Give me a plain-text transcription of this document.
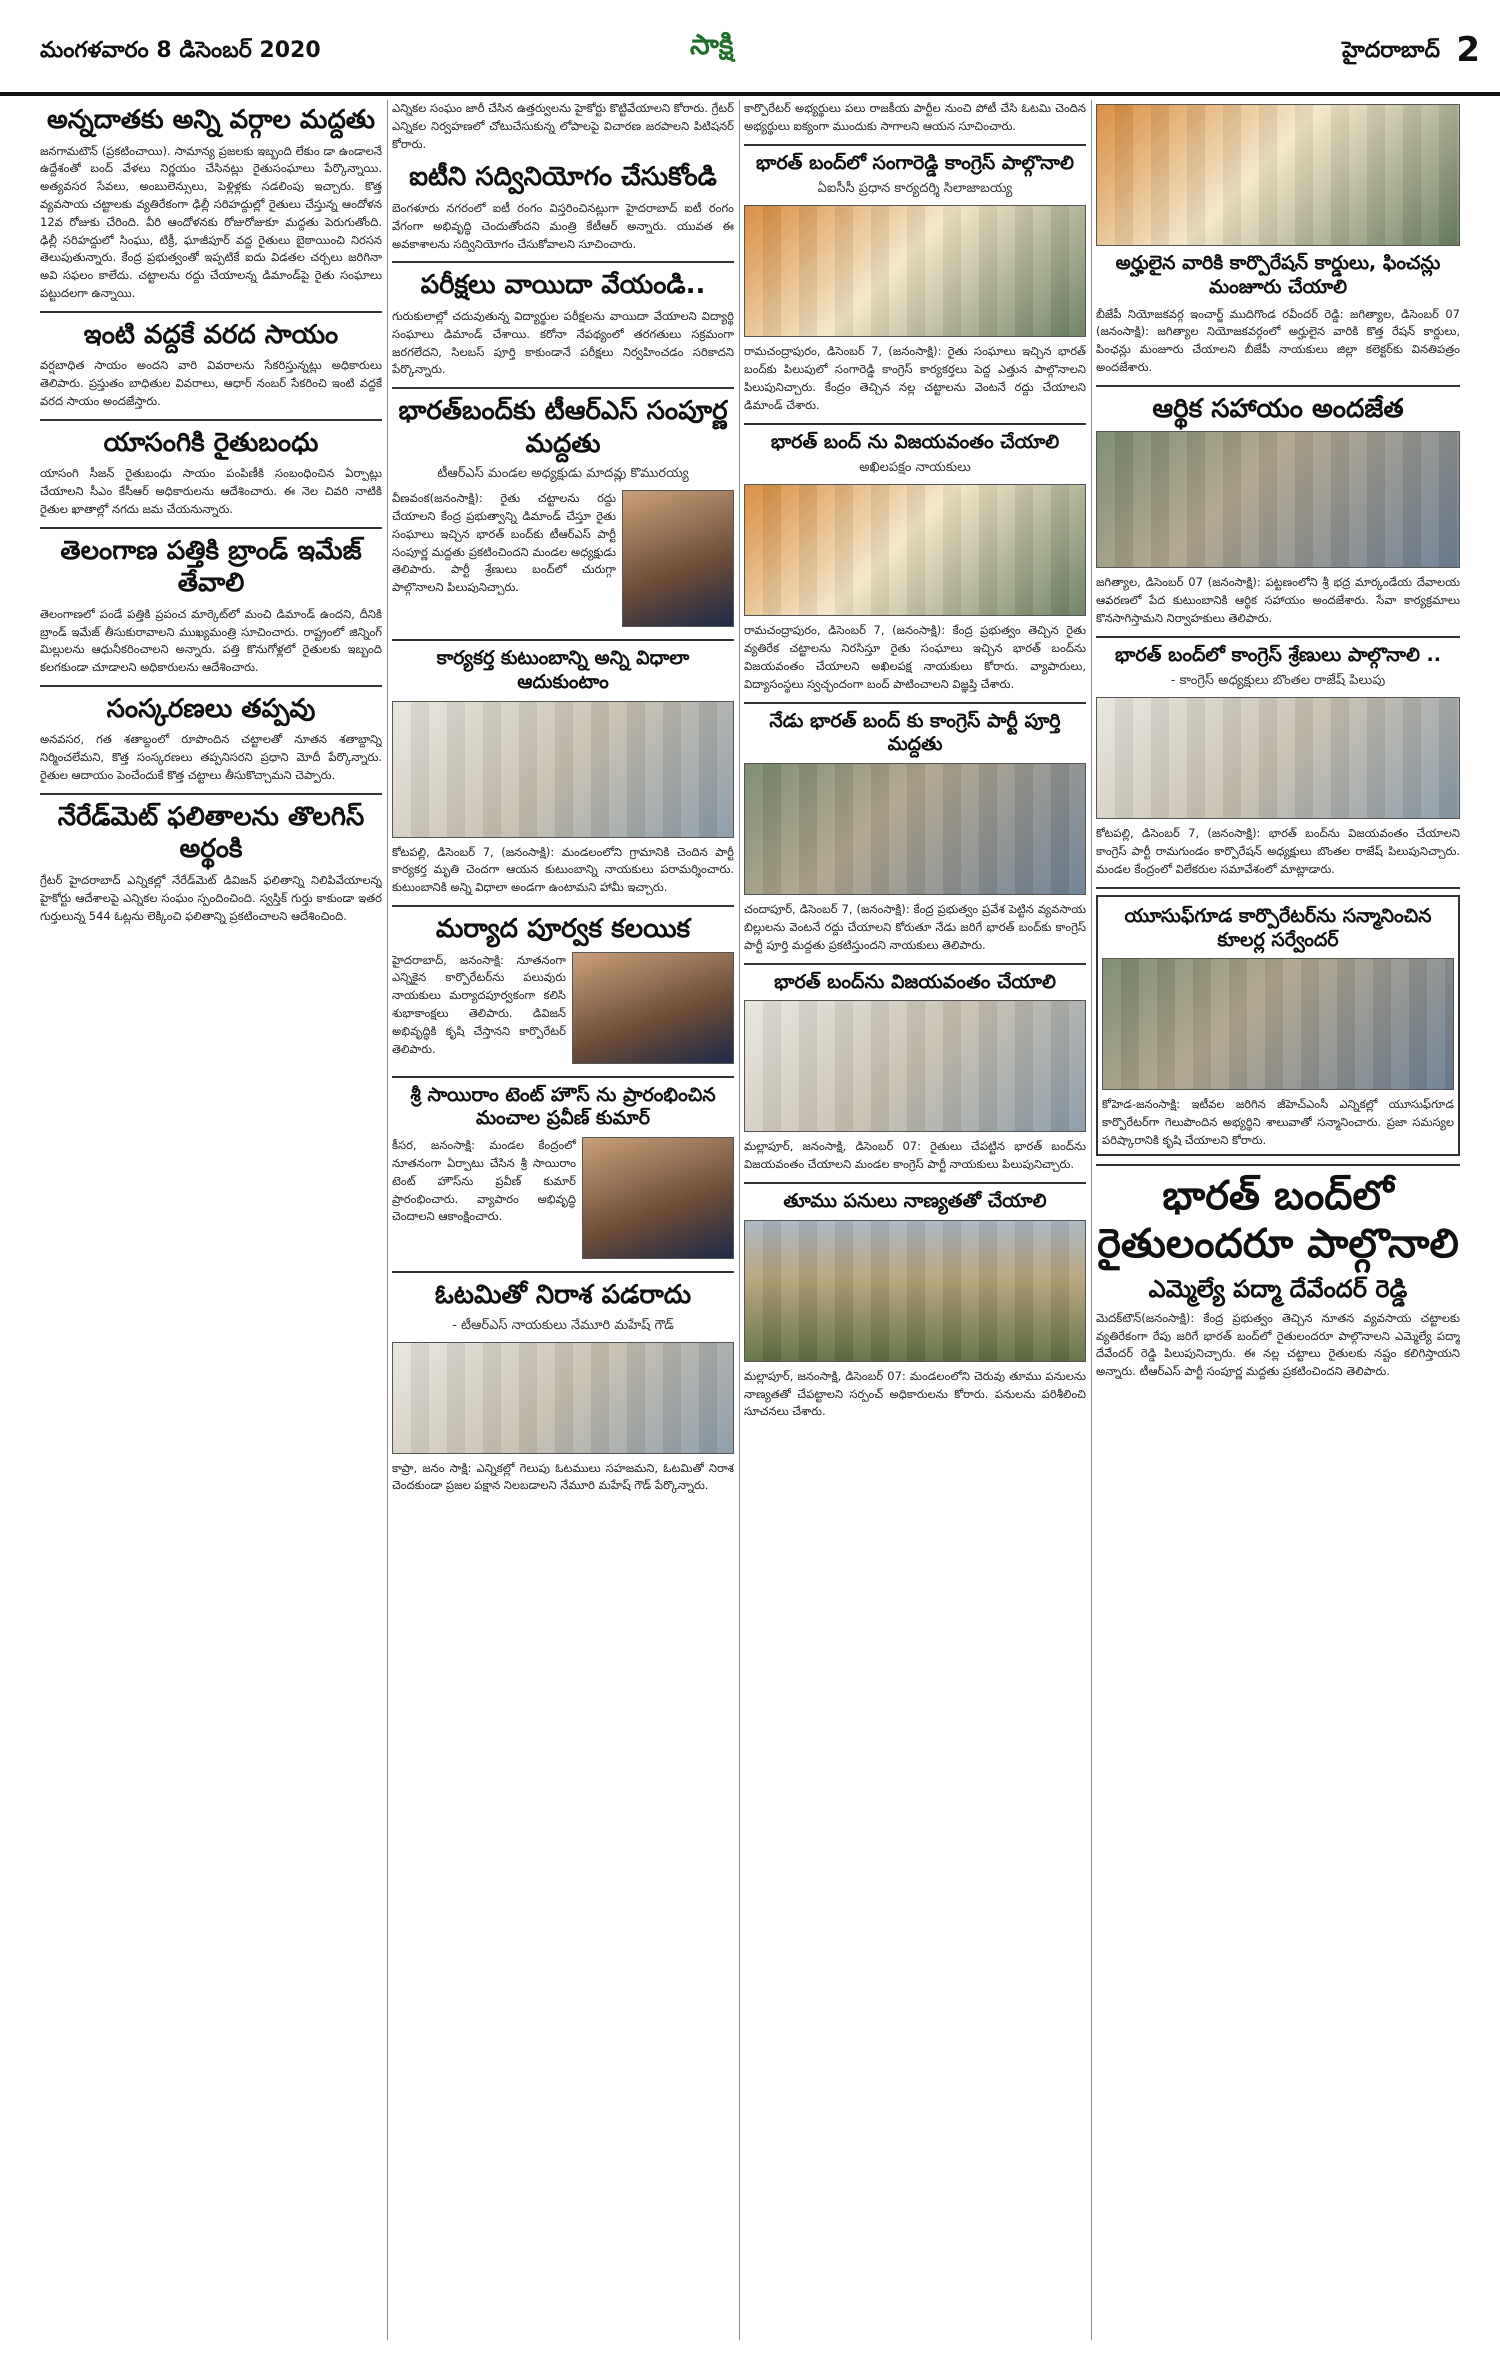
మంగళవారం 8 డిసెంబర్ 2020	సాక్షి	హైదరాబాద్ 2
అన్నదాతకు అన్ని వర్గాల మద్దతు
జనగామటౌన్ (ప్రకటించాయి). సామాన్య ప్రజలకు ఇబ్బంది లేకుం డా ఉండాలనే ఉద్దేశంతో బంద్ వేళలు నిర్ణయం చేసినట్లు రైతుసంఘాలు పేర్కొన్నాయి. అత్యవసర సేవలు, అంబులెన్సులు, పెళ్లిళ్లకు సడలింపు ఇచ్చారు. కొత్త వ్యవసాయ చట్టాలకు వ్యతిరేకంగా ఢిల్లీ సరిహద్దుల్లో రైతులు చేస్తున్న ఆందోళన 12వ రోజుకు చేరింది. వీరి ఆందోళనకు రోజురోజుకూ మద్దతు పెరుగుతోంది. ఢిల్లీ సరిహద్దులో సింఘు, టిక్రీ, ఘాజీపూర్ వద్ద రైతులు బైఠాయించి నిరసన తెలుపుతున్నారు. కేంద్ర ప్రభుత్వంతో ఇప్పటికే ఐదు విడతల చర్చలు జరిగినా అవి సఫలం కాలేదు. చట్టాలను రద్దు చేయాలన్న డిమాండ్‌పై రైతు సంఘాలు పట్టుదలగా ఉన్నాయి.
ఇంటి వద్దకే వరద సాయం
వర్షబాధిత సాయం అందని వారి వివరాలను సేకరిస్తున్నట్లు అధికారులు తెలిపారు. ప్రస్తుతం బాధితుల వివరాలు, ఆధార్ నంబర్ సేకరించి ఇంటి వద్దకే వరద సాయం అందజేస్తారు.
యాసంగికి రైతుబంధు
యాసంగి సీజన్ రైతుబంధు సాయం పంపిణీకి సంబంధించిన ఏర్పాట్లు చేయాలని సీఎం కేసీఆర్ అధికారులను ఆదేశించారు. ఈ నెల చివరి నాటికి రైతుల ఖాతాల్లో నగదు జమ చేయనున్నారు.
తెలంగాణ పత్తికి బ్రాండ్ ఇమేజ్ తేవాలి
తెలంగాణలో పండే పత్తికి ప్రపంచ మార్కెట్‌లో మంచి డిమాండ్ ఉందని, దీనికి బ్రాండ్ ఇమేజ్ తీసుకురావాలని ముఖ్యమంత్రి సూచించారు. రాష్ట్రంలో జిన్నింగ్ మిల్లులను ఆధునీకరించాలని అన్నారు. పత్తి కొనుగోళ్లలో రైతులకు ఇబ్బంది కలగకుండా చూడాలని అధికారులను ఆదేశించారు.
సంస్కరణలు తప్పవు
అనవసర, గత శతాబ్దంలో రూపొందిన చట్టాలతో నూతన శతాబ్దాన్ని నిర్మించలేమని, కొత్త సంస్కరణలు తప్పనిసరని ప్రధాని మోదీ పేర్కొన్నారు. రైతుల ఆదాయం పెంచేందుకే కొత్త చట్టాలు తీసుకొచ్చామని చెప్పారు.
నేరేడ్‌మెట్ ఫలితాలను తొలగిస్ అర్థంకి
గ్రేటర్ హైదరాబాద్ ఎన్నికల్లో నేరేడ్‌మెట్ డివిజన్ ఫలితాన్ని నిలిపివేయాలన్న హైకోర్టు ఆదేశాలపై ఎన్నికల సంఘం స్పందించింది. స్వస్తిక్ గుర్తు కాకుండా ఇతర గుర్తులున్న 544 ఓట్లను లెక్కించి ఫలితాన్ని ప్రకటించాలని ఆదేశించింది.
ఎన్నికల సంఘం జారీ చేసిన ఉత్తర్వులను హైకోర్టు కొట్టివేయాలని కోరారు. గ్రేటర్ ఎన్నికల నిర్వహణలో చోటుచేసుకున్న లోపాలపై విచారణ జరపాలని పిటిషనర్ కోరారు.
ఐటీని సద్వినియోగం చేసుకోండి
బెంగళూరు నగరంలో ఐటీ రంగం విస్తరించినట్లుగా హైదరాబాద్ ఐటీ రంగం వేగంగా అభివృద్ధి చెందుతోందని మంత్రి కేటీఆర్ అన్నారు. యువత ఈ అవకాశాలను సద్వినియోగం చేసుకోవాలని సూచించారు.
పరీక్షలు వాయిదా వేయండి..
గురుకులాల్లో చదువుతున్న విద్యార్థుల పరీక్షలను వాయిదా వేయాలని విద్యార్థి సంఘాలు డిమాండ్ చేశాయి. కరోనా నేపథ్యంలో తరగతులు సక్రమంగా జరగలేదని, సిలబస్ పూర్తి కాకుండానే పరీక్షలు నిర్వహించడం సరికాదని పేర్కొన్నారు.
భారత్‌బంద్‌కు టీఆర్ఎస్ సంపూర్ణ మద్దతు
టీఆర్ఎస్ మండల అధ్యక్షుడు మాదవ్లు కొమురయ్య
వీణవంక(జనంసాక్షి): రైతు చట్టాలను రద్దు చేయాలని కేంద్ర ప్రభుత్వాన్ని డిమాండ్ చేస్తూ రైతు సంఘాలు ఇచ్చిన భారత్ బంద్‌కు టీఆర్ఎస్ పార్టీ సంపూర్ణ మద్దతు ప్రకటించిందని మండల అధ్యక్షుడు తెలిపారు. పార్టీ శ్రేణులు బంద్‌లో చురుగ్గా పాల్గొనాలని పిలుపునిచ్చారు.
కార్యకర్త కుటుంబాన్ని అన్ని విధాలా ఆదుకుంటాం
కోటపల్లి, డిసెంబర్ 7, (జనంసాక్షి): మండలంలోని గ్రామానికి చెందిన పార్టీ కార్యకర్త మృతి చెందగా ఆయన కుటుంబాన్ని నాయకులు పరామర్శించారు. కుటుంబానికి అన్ని విధాలా అండగా ఉంటామని హామీ ఇచ్చారు.
మర్యాద పూర్వక కలయిక
హైదరాబాద్, జనంసాక్షి: నూతనంగా ఎన్నికైన కార్పొరేటర్‌ను పలువురు నాయకులు మర్యాదపూర్వకంగా కలిసి శుభాకాంక్షలు తెలిపారు. డివిజన్ అభివృద్ధికి కృషి చేస్తానని కార్పొరేటర్ తెలిపారు.
శ్రీ సాయిరాం టెంట్ హౌస్ ను ప్రారంభించిన మంచాల ప్రవీణ్ కుమార్
కీసర, జనంసాక్షి: మండల కేంద్రంలో నూతనంగా ఏర్పాటు చేసిన శ్రీ సాయిరాం టెంట్ హౌస్‌ను ప్రవీణ్ కుమార్ ప్రారంభించారు. వ్యాపారం అభివృద్ధి చెందాలని ఆకాంక్షించారు.
ఓటమితో నిరాశ పడరాదు
- టీఆర్ఎస్ నాయకులు నేమూరి మహేష్ గౌడ్
కాప్రా, జనం సాక్షి: ఎన్నికల్లో గెలుపు ఓటములు సహజమని, ఓటమితో నిరాశ చెందకుండా ప్రజల పక్షాన నిలబడాలని నేమూరి మహేష్ గౌడ్ పేర్కొన్నారు.
కార్పొరేటర్ అభ్యర్థులు పలు రాజకీయ పార్టీల నుంచి పోటీ చేసి ఓటమి చెందిన అభ్యర్థులు ఐక్యంగా ముందుకు సాగాలని ఆయన సూచించారు.
భారత్ బంద్‌లో సంగారెడ్డి కాంగ్రెస్ పాల్గొనాలి
ఏఐసీసీ ప్రధాన కార్యదర్శి సిలాజాబయ్య
రామచంద్రాపురం, డిసెంబర్ 7, (జనంసాక్షి): రైతు సంఘాలు ఇచ్చిన భారత్ బంద్‌కు పిలుపులో సంగారెడ్డి కాంగ్రెస్ కార్యకర్తలు పెద్ద ఎత్తున పాల్గొనాలని పిలుపునిచ్చారు. కేంద్రం తెచ్చిన నల్ల చట్టాలను వెంటనే రద్దు చేయాలని డిమాండ్ చేశారు.
భారత్ బంద్ ను విజయవంతం చేయాలి
అఖిలపక్షం నాయకులు
రామచంద్రాపురం, డిసెంబర్ 7, (జనంసాక్షి): కేంద్ర ప్రభుత్వం తెచ్చిన రైతు వ్యతిరేక చట్టాలను నిరసిస్తూ రైతు సంఘాలు ఇచ్చిన భారత్ బంద్‌ను విజయవంతం చేయాలని అఖిలపక్ష నాయకులు కోరారు. వ్యాపారులు, విద్యాసంస్థలు స్వచ్ఛందంగా బంద్ పాటించాలని విజ్ఞప్తి చేశారు.
నేడు భారత్ బంద్ కు కాంగ్రెస్ పార్టీ పూర్తి మద్దతు
చందాపూర్, డిసెంబర్ 7, (జనంసాక్షి): కేంద్ర ప్రభుత్వం ప్రవేశ పెట్టిన వ్యవసాయ బిల్లులను వెంటనే రద్దు చేయాలని కోరుతూ నేడు జరిగే భారత్ బంద్‌కు కాంగ్రెస్ పార్టీ పూర్తి మద్దతు ప్రకటిస్తుందని నాయకులు తెలిపారు.
భారత్ బంద్‌ను విజయవంతం చేయాలి
మల్లాపూర్, జనంసాక్షి, డిసెంబర్ 07: రైతులు చేపట్టిన భారత్ బంద్‌ను విజయవంతం చేయాలని మండల కాంగ్రెస్ పార్టీ నాయకులు పిలుపునిచ్చారు.
తూము పనులు నాణ్యతతో చేయాలి
మల్లాపూర్, జనంసాక్షి, డిసెంబర్ 07: మండలంలోని చెరువు తూము పనులను నాణ్యతతో చేపట్టాలని సర్పంచ్ అధికారులను కోరారు. పనులను పరిశీలించి సూచనలు చేశారు.
అర్హులైన వారికి కార్పొరేషన్ కార్డులు, ఫించన్లు మంజూరు చేయాలి
బీజేపీ నియోజకవర్గ ఇంచార్జ్ ముదిగొండ రవీందర్ రెడ్డి: జగిత్యాల, డిసెంబర్ 07 (జనంసాక్షి): జగిత్యాల నియోజకవర్గంలో అర్హులైన వారికి కొత్త రేషన్ కార్డులు, పింఛన్లు మంజూరు చేయాలని బీజేపీ నాయకులు జిల్లా కలెక్టర్‌కు వినతిపత్రం అందజేశారు.
ఆర్థిక సహాయం అందజేత
జగిత్యాల, డిసెంబర్ 07 (జనంసాక్షి): పట్టణంలోని శ్రీ భద్ర మార్కండేయ దేవాలయ ఆవరణలో పేద కుటుంబానికి ఆర్థిక సహాయం అందజేశారు. సేవా కార్యక్రమాలు కొనసాగిస్తామని నిర్వాహకులు తెలిపారు.
భారత్ బంద్‌లో కాంగ్రెస్ శ్రేణులు పాల్గొనాలి ..
- కాంగ్రెస్ అధ్యక్షులు బొంతల రాజేష్ పిలుపు
కోటపల్లి, డిసెంబర్ 7, (జనంసాక్షి): భారత్ బంద్‌ను విజయవంతం చేయాలని కాంగ్రెస్ పార్టీ రామగుండం కార్పొరేషన్ అధ్యక్షులు బొంతల రాజేష్ పిలుపునిచ్చారు. మండల కేంద్రంలో విలేకరుల సమావేశంలో మాట్లాడారు.
యూసుఫ్‌గూడ కార్పొరేటర్‌ను సన్మానించిన కూలర్ల సర్వేందర్
కోహెడ-జనంసాక్షి: ఇటీవల జరిగిన జీహెచ్ఎంసీ ఎన్నికల్లో యూసుఫ్‌గూడ కార్పొరేటర్‌గా గెలుపొందిన అభ్యర్థిని శాలువాతో సన్మానించారు. ప్రజా సమస్యల పరిష్కారానికి కృషి చేయాలని కోరారు.
భారత్ బంద్‌లో రైతులందరూ పాల్గొనాలి
ఎమ్మెల్యే పద్మా దేవేందర్ రెడ్డి
మెదక్‌టౌన్(జనంసాక్షి): కేంద్ర ప్రభుత్వం తెచ్చిన నూతన వ్యవసాయ చట్టాలకు వ్యతిరేకంగా రేపు జరిగే భారత్ బంద్‌లో రైతులందరూ పాల్గొనాలని ఎమ్మెల్యే పద్మా దేవేందర్ రెడ్డి పిలుపునిచ్చారు. ఈ నల్ల చట్టాలు రైతులకు నష్టం కలిగిస్తాయని అన్నారు. టీఆర్ఎస్ పార్టీ సంపూర్ణ మద్దతు ప్రకటించిందని తెలిపారు.
